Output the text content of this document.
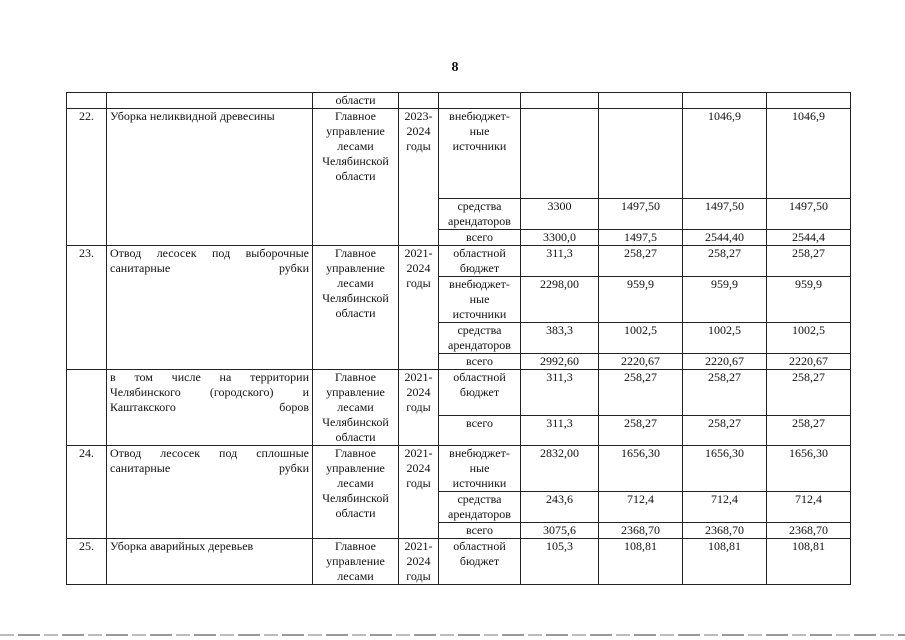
8
		области						
22.	Уборка неликвидной древесины	Главное управление лесами Челябинской области	2023-2024 годы	внебюджет-ные источники			1046,9	1046,9
				средства арендаторов	3300	1497,50	1497,50	1497,50
				всего	3300,0	1497,5	2544,40	2544,4
23.	Отвод лесосек под выборочные санитарные рубки	Главное управление лесами Челябинской области	2021-2024 годы	областной бюджет	311,3	258,27	258,27	258,27
				внебюджет-ные источники	2298,00	959,9	959,9	959,9
				средства арендаторов	383,3	1002,5	1002,5	1002,5
				всего	2992,60	2220,67	2220,67	2220,67
	в том числе на территории Челябинского (городского) и Каштакского боров	Главное управление лесами Челябинской области	2021-2024 годы	областной бюджет	311,3	258,27	258,27	258,27
				всего	311,3	258,27	258,27	258,27
24.	Отвод лесосек под сплошные санитарные рубки	Главное управление лесами Челябинской области	2021-2024 годы	внебюджет-ные источники	2832,00	1656,30	1656,30	1656,30
				средства арендаторов	243,6	712,4	712,4	712,4
				всего	3075,6	2368,70	2368,70	2368,70
25.	Уборка аварийных деревьев	Главное управление лесами	2021-2024 годы	областной бюджет	105,3	108,81	108,81	108,81
